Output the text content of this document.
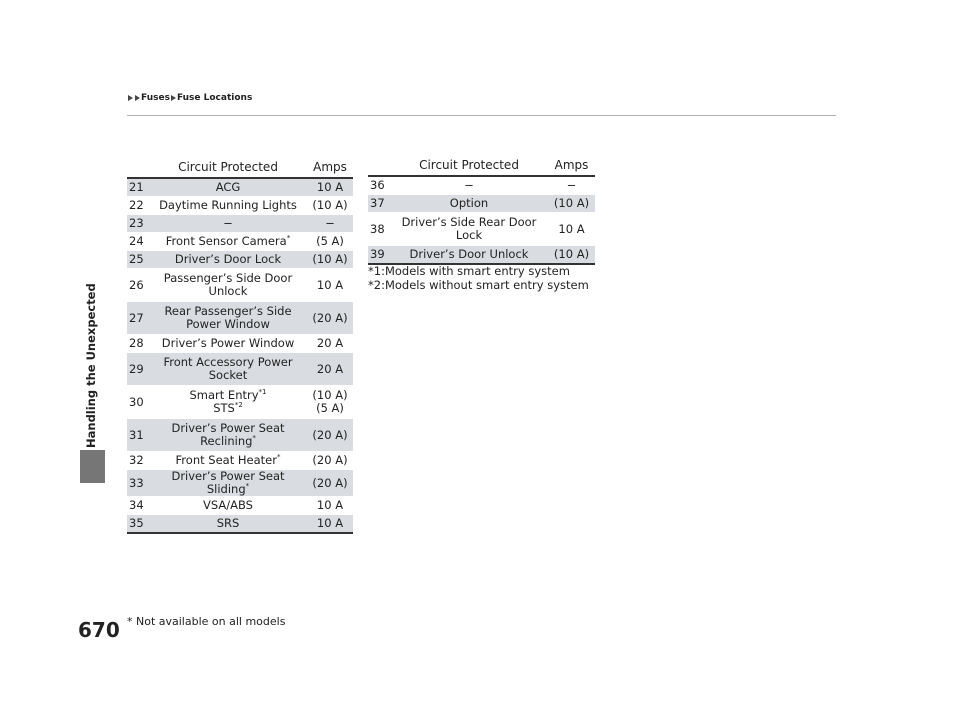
Fuses Fuse Locations
Handling the Unexpected
	Circuit Protected	Amps
21	ACG	10 A

22	Daytime Running Lights	(10 A)

23	−	−

24	Front Sensor Camera*	(5 A)

25	Driver’s Door Lock	(10 A)

26	Passenger’s Side Door
Unlock	10 A

27	Rear Passenger’s Side
Power Window	(20 A)

28	Driver’s Power Window	20 A

29	Front Accessory Power
Socket	20 A

30	Smart Entry$^{*1}$
STS$^{*2}$	(10 A)
(5 A)

31	Driver’s Power Seat
Reclining*	(20 A)

32	Front Seat Heater*	(20 A)

33	Driver’s Power Seat Sliding*	(20 A)

34	VSA/ABS	10 A

35	SRS	10 A
	Circuit Protected	Amps
36	−	−

37	Option	(10 A)

38	Driver’s Side Rear Door
Lock	10 A

39	Driver’s Door Unlock	(10 A)
*1:Models with smart entry system
*2:Models without smart entry system
670 * Not available on all models
